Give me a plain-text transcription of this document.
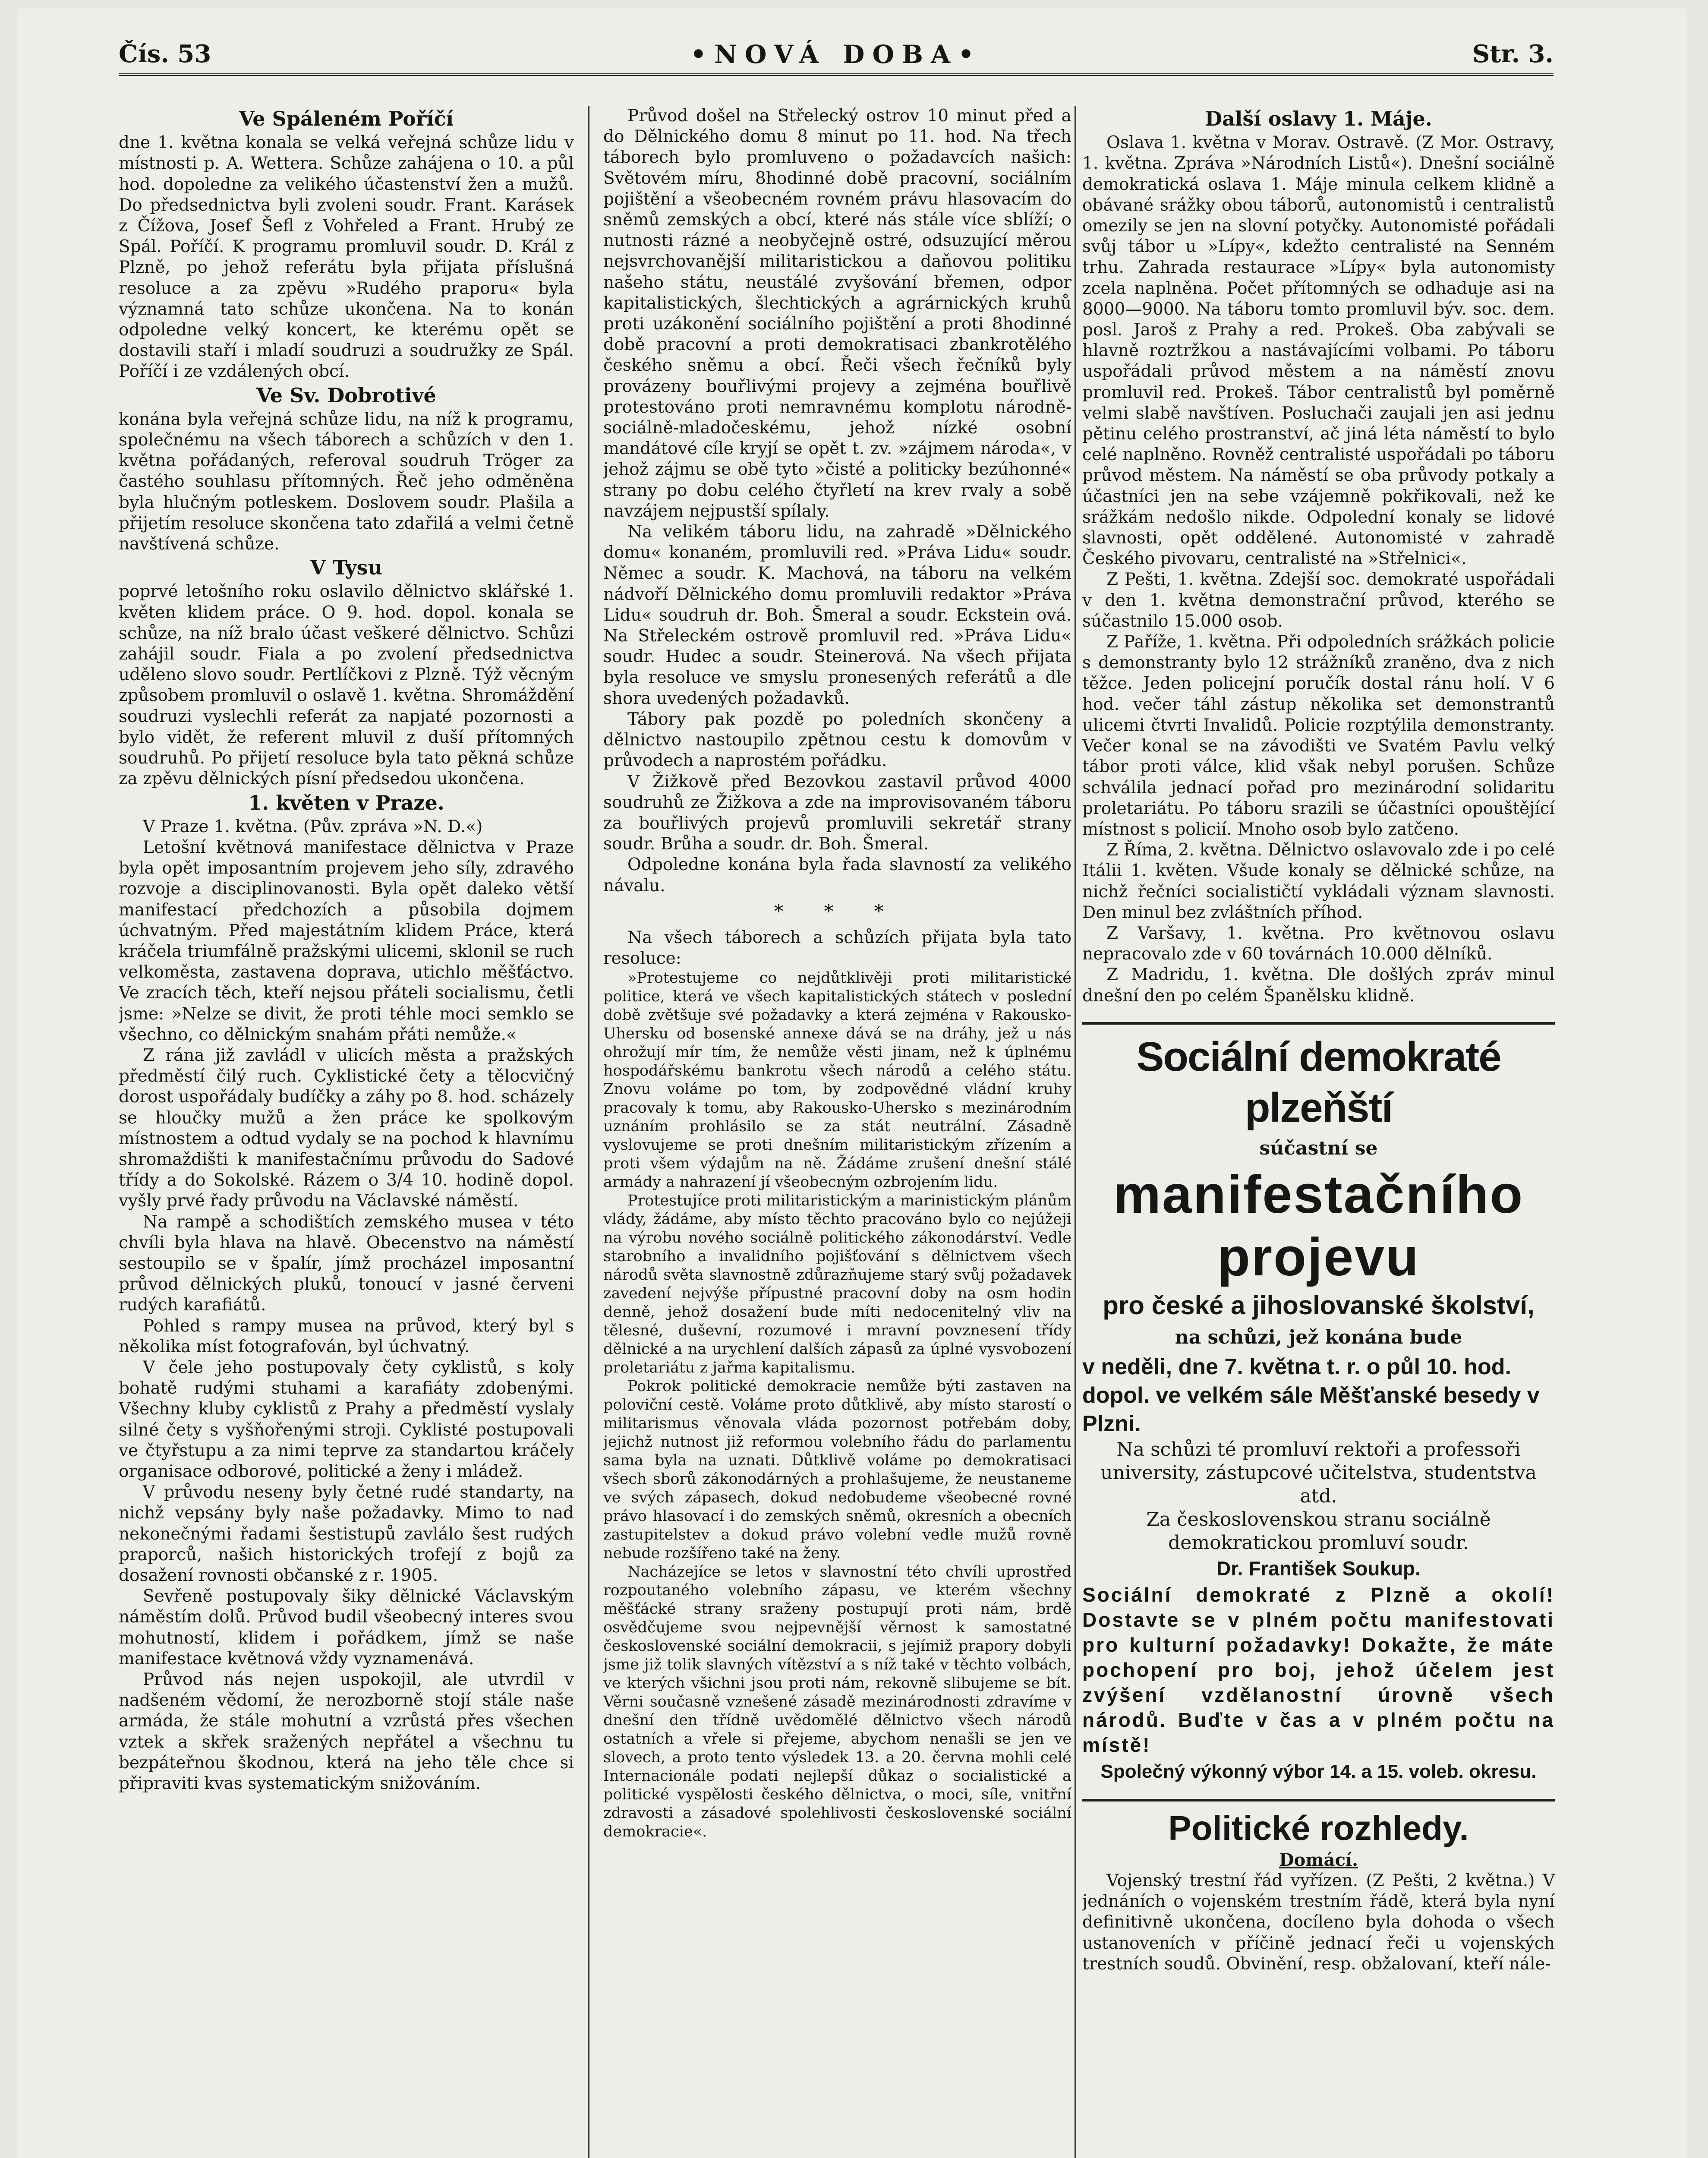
Čís. 53	•NOVÁ DOBA•	Str. 3.
Ve Spáleném Poříčí

dne 1. května konala se velká veřejná schůze lidu v místnosti p. A. Wettera. Schůze zahájena o 10. a půl hod. dopoledne za velikého účastenství žen a mužů. Do předsednictva byli zvoleni soudr. Frant. Karásek z Čížova, Josef Šefl z Vohřeled a Frant. Hrubý ze Spál. Poříčí. K programu promluvil soudr. D. Král z Plzně, po jehož referátu byla přijata příslušná resoluce a za zpěvu »Rudého praporu« byla významná tato schůze ukončena. Na to konán odpoledne velký koncert, ke kterému opět se dostavili staří i mladí soudruzi a soudružky ze Spál. Poříčí i ze vzdálených obcí.

Ve Sv. Dobrotivé

konána byla veřejná schůze lidu, na níž k programu, společnému na všech táborech a schůzích v den 1. května pořádaných, referoval soudruh Tröger za častého souhlasu přítomných. Řeč jeho odměněna byla hlučným potleskem. Doslovem soudr. Plašila a přijetím resoluce skončena tato zdařilá a velmi četně navštívená schůze.

V Tysu

poprvé letošního roku oslavilo dělnictvo sklářské 1. květen klidem práce. O 9. hod. dopol. konala se schůze, na níž bralo účast veškeré dělnictvo. Schůzi zahájil soudr. Fiala a po zvolení předsednictva uděleno slovo soudr. Pertlíčkovi z Plzně. Týž věcným způsobem promluvil o oslavě 1. května. Shromáždění soudruzi vyslechli referát za napjaté pozornosti a bylo vidět, že referent mluvil z duší přítomných soudruhů. Po přijetí resoluce byla tato pěkná schůze za zpěvu dělnických písní předsedou ukončena.

1. květen v Praze.

V Praze 1. května. (Pův. zpráva »N. D.«)

Letošní květnová manifestace dělnictva v Praze byla opět imposantním projevem jeho síly, zdravého rozvoje a disciplinovanosti. Byla opět daleko větší manifestací předchozích a působila dojmem úchvatným. Před majestátním klidem Práce, která kráčela triumfálně pražskými ulicemi, sklonil se ruch velkoměsta, zastavena doprava, utichlo měšťáctvo. Ve zracích těch, kteří nejsou přáteli socialismu, četli jsme: »Nelze se divit, že proti téhle moci semklo se všechno, co dělnickým snahám přáti nemůže.«

Z rána již zavládl v ulicích města a pražských předměstí čilý ruch. Cyklistické čety a tělocvičný dorost uspořádaly budíčky a záhy po 8. hod. scházely se hloučky mužů a žen práce ke spolkovým místnostem a odtud vydaly se na pochod k hlavnímu shromaždišti k manifestačnímu průvodu do Sadové třídy a do Sokolské. Rázem o 3/4 10. hodině dopol. vyšly prvé řady průvodu na Václavské náměstí.

Na rampě a schodištích zemského musea v této chvíli byla hlava na hlavě. Obecenstvo na náměstí sestoupilo se v špalír, jímž procházel imposantní průvod dělnických pluků, tonoucí v jasné červeni rudých karafiátů.

Pohled s rampy musea na průvod, který byl s několika míst fotografován, byl úchvatný.

V čele jeho postupovaly čety cyklistů, s koly bohatě rudými stuhami a karafiáty zdobenými. Všechny kluby cyklistů z Prahy a předměstí vyslaly silné čety s vyšňořenými stroji. Cyklisté postupovali ve čtyřstupu a za nimi teprve za standartou kráčely organisace odborové, politické a ženy i mládež.

V průvodu neseny byly četné rudé standarty, na nichž vepsány byly naše požadavky. Mimo to nad nekonečnými řadami šestistupů zavlálo šest rudých praporců, našich historických trofejí z bojů za dosažení rovnosti občanské z r. 1905.

Sevřeně postupovaly šiky dělnické Václavským náměstím dolů. Průvod budil všeobecný interes svou mohutností, klidem i pořádkem, jímž se naše manifestace květnová vždy vyznamenává.

Průvod nás nejen uspokojil, ale utvrdil v nadšeném vědomí, že nerozborně stojí stále naše armáda, že stále mohutní a vzrůstá přes všechen vztek a skřek sražených nepřátel a všechnu tu bezpáteřnou škodnou, která na jeho těle chce si připraviti kvas systematickým snižováním.

Průvod došel na Střelecký ostrov 10 minut před a do Dělnického domu 8 minut po 11. hod. Na třech táborech bylo promluveno o požadavcích našich: Světovém míru, 8hodinné době pracovní, sociálním pojištění a všeobecném rovném právu hlasovacím do sněmů zemských a obcí, které nás stále více sblíží; o nutnosti rázné a neobyčejně ostré, odsuzující měrou nejsvrchovanější militaristickou a daňovou politiku našeho státu, neustálé zvyšování břemen, odpor kapitalistických, šlechtických a agrárnických kruhů proti uzákonění sociálního pojištění a proti 8hodinné době pracovní a proti demokratisaci zbankrotělého českého sněmu a obcí. Řeči všech řečníků byly provázeny bouřlivými projevy a zejména bouřlivě protestováno proti nemravnému komplotu národně-sociálně-mladočeskému, jehož nízké osobní mandátové cíle kryjí se opět t. zv. »zájmem národa«, v jehož zájmu se obě tyto »čisté a politicky bezúhonné« strany po dobu celého čtyřletí na krev rvaly a sobě navzájem nejpustší spílaly.

Na velikém táboru lidu, na zahradě »Dělnického domu« konaném, promluvili red. »Práva Lidu« soudr. Němec a soudr. K. Machová, na táboru na velkém nádvoří Dělnického domu promluvili redaktor »Práva Lidu« soudruh dr. Boh. Šmeral a soudr. Eckstein ová. Na Střeleckém ostrově promluvil red. »Práva Lidu« soudr. Hudec a soudr. Steinerová. Na všech přijata byla resoluce ve smyslu pronesených referátů a dle shora uvedených požadavků.

Tábory pak pozdě po poledních skončeny a dělnictvo nastoupilo zpětnou cestu k domovům v průvodech a naprostém pořádku.

V Žižkově před Bezovkou zastavil průvod 4000 soudruhů ze Žižkova a zde na improvisovaném táboru za bouřlivých projevů promluvili sekretář strany soudr. Brůha a soudr. dr. Boh. Šmeral.

Odpoledne konána byla řada slavností za velikého návalu.

* * *

Na všech táborech a schůzích přijata byla tato resoluce:

»Protestujeme co nejdůtklivěji proti militaristické politice, která ve všech kapitalistických státech v poslední době zvětšuje své požadavky a která zejména v Rakousko-Uhersku od bosenské annexe dává se na dráhy, jež u nás ohrožují mír tím, že nemůže věsti jinam, než k úplnému hospodářskému bankrotu všech národů a celého státu. Znovu voláme po tom, by zodpovědné vládní kruhy pracovaly k tomu, aby Rakousko-Uhersko s mezinárodním uznáním prohlásilo se za stát neutrální. Zásadně vyslovujeme se proti dnešním militaristickým zřízením a proti všem výdajům na ně. Žádáme zrušení dnešní stálé armády a nahrazení jí všeobecným ozbrojením lidu.

Protestujíce proti militaristickým a marinistickým plánům vlády, žádáme, aby místo těchto pracováno bylo co nejúžeji na výrobu nového sociálně politického zákonodárství. Vedle starobního a invalidního pojišťování s dělnictvem všech národů světa slavnostně zdůrazňujeme starý svůj požadavek zavedení nejvýše přípustné pracovní doby na osm hodin denně, jehož dosažení bude míti nedocenitelný vliv na tělesné, duševní, rozumové i mravní povznesení třídy dělnické a na urychlení dalších zápasů za úplné vysvobození proletariátu z jařma kapitalismu.

Pokrok politické demokracie nemůže býti zastaven na poloviční cestě. Voláme proto důtklivě, aby místo starostí o militarismus věnovala vláda pozornost potřebám doby, jejichž nutnost již reformou volebního řádu do parlamentu sama byla na uznati. Důtklivě voláme po demokratisaci všech sborů zákonodárných a prohlašujeme, že neustaneme ve svých zápasech, dokud nedobudeme všeobecné rovné právo hlasovací i do zemských sněmů, okresních a obecních zastupitelstev a dokud právo volební vedle mužů rovně nebude rozšířeno také na ženy.

Nacházejíce se letos v slavnostní této chvíli uprostřed rozpoutaného volebního zápasu, ve kterém všechny měšťácké strany sraženy postupují proti nám, brdě osvědčujeme svou nejpevnější věrnost k samostatné československé sociální demokracii, s jejímiž prapory dobyli jsme již tolik slavných vítězství a s níž také v těchto volbách, ve kterých všichni jsou proti nám, rekovně slibujeme se bít. Věrni současně vznešené zásadě mezinárodnosti zdravíme v dnešní den třídně uvědomělé dělnictvo všech národů ostatních a vřele si přejeme, abychom nenašli se jen ve slovech, a proto tento výsledek 13. a 20. června mohli celé Internacionále podati nejlepší důkaz o socialistické a politické vyspělosti českého dělnictva, o moci, síle, vnitřní zdravosti a zásadové spolehlivosti československé sociální demokracie«.

Další oslavy 1. Máje.

Oslava 1. května v Morav. Ostravě. (Z Mor. Ostravy, 1. května. Zpráva »Národních Listů«). Dnešní sociálně demokratická oslava 1. Máje minula celkem klidně a obávané srážky obou táborů, autonomistů i centralistů omezily se jen na slovní potyčky. Autonomisté pořádali svůj tábor u »Lípy«, kdežto centralisté na Senném trhu. Zahrada restaurace »Lípy« byla autonomisty zcela naplněna. Počet přítomných se odhaduje asi na 8000—9000. Na táboru tomto promluvil býv. soc. dem. posl. Jaroš z Prahy a red. Prokeš. Oba zabývali se hlavně roztržkou a nastávajícími volbami. Po táboru uspořádali průvod městem a na náměstí znovu promluvil red. Prokeš. Tábor centralistů byl poměrně velmi slabě navštíven. Posluchači zaujali jen asi jednu pětinu celého prostranství, ač jiná léta náměstí to bylo celé naplněno. Rovněž centralisté uspořádali po táboru průvod městem. Na náměstí se oba průvody potkaly a účastníci jen na sebe vzájemně pokřikovali, než ke srážkám nedošlo nikde. Odpolední konaly se lidové slavnosti, opět oddělené. Autonomisté v zahradě Českého pivovaru, centralisté na »Střelnici«.

Z Pešti, 1. května. Zdejší soc. demokraté uspořádali v den 1. května demonstrační průvod, kterého se súčastnilo 15.000 osob.

Z Paříže, 1. května. Při odpoledních srážkách policie s demonstranty bylo 12 strážníků zraněno, dva z nich těžce. Jeden policejní poručík dostal ránu holí. V 6 hod. večer táhl zástup několika set demonstrantů ulicemi čtvrti Invalidů. Policie rozptýlila demonstranty. Večer konal se na závodišti ve Svatém Pavlu velký tábor proti válce, klid však nebyl porušen. Schůze schválila jednací pořad pro mezinárodní solidaritu proletariátu. Po táboru srazili se účastníci opouštějící místnost s policií. Mnoho osob bylo zatčeno.

Z Říma, 2. května. Dělnictvo oslavovalo zde i po celé Itálii 1. květen. Všude konaly se dělnické schůze, na nichž řečníci socialističtí vykládali význam slavnosti. Den minul bez zvláštních příhod.

Z Varšavy, 1. května. Pro květnovou oslavu nepracovalo zde v 60 továrnách 10.000 dělníků.

Z Madridu, 1. května. Dle došlých zpráv minul dnešní den po celém Španělsku klidně.

Sociální demokraté plzeňští
súčastní se
manifestačního
projevu
pro české a jihoslovanské školství,
na schůzi, jež konána bude
v neděli, dne 7. května t. r. o půl 10. hod. dopol. ve velkém sále Měšťanské besedy v Plzni.
Na schůzi té promluví rektoři a professoři university, zástupcové učitelstva, studentstva atd.
Za československou stranu sociálně demokratickou promluví soudr.
Dr. František Soukup.
Sociální demokraté z Plzně a okolí! Dostavte se v plném počtu manifestovati pro kulturní požadavky! Dokažte, že máte pochopení pro boj, jehož účelem jest zvýšení vzdělanostní úrovně všech národů. Buďte v čas a v plném počtu na místě!
Společný výkonný výbor 14. a 15. voleb. okresu.
Politické rozhledy.
Domácí.

Vojenský trestní řád vyřízen. (Z Pešti, 2 května.) V jednáních o vojenském trestním řádě, která byla nyní definitivně ukončena, docíleno byla dohoda o všech ustanoveních v příčině jednací řeči u vojenských trestních soudů. Obvinění, resp. obžalovaní, kteří nále-
